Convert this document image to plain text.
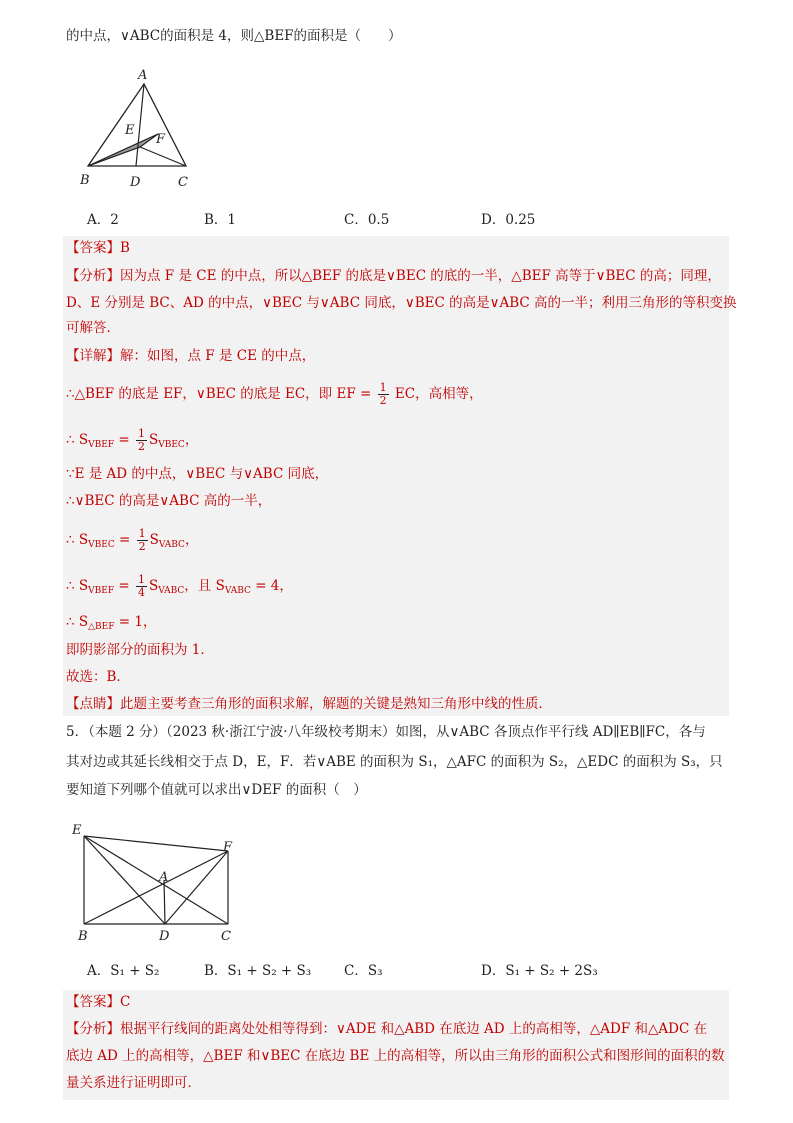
的中点，∨ABC的面积是 4，则△BEF的面积是（　　）
A
E
F
B	D	C
A．2	B．1	C．0.5	D．0.25
【答案】B
【分析】因为点 F 是 CE 的中点，所以△BEF 的底是∨BEC 的底的一半，△BEF 高等于∨BEC 的高；同理，
D、E 分别是 BC、AD 的中点，∨BEC 与∨ABC 同底，∨BEC 的高是∨ABC 高的一半；利用三角形的等积变换
可解答．
【详解】解：如图，点 F 是 CE 的中点，
∴△BEF 的底是 EF，∨BEC 的底是 EC，即 EF = $\frac{1}{2}$ EC，高相等，
∴ $S_{VBEF} = \frac{1}{2} S_{VBEC}$，
∵E 是 AD 的中点，∨BEC 与∨ABC 同底，
∴∨BEC 的高是∨ABC 高的一半，
∴ $S_{VBEC} = \frac{1}{2} S_{VABC}$，
∴ $S_{VBEF} = \frac{1}{4} S_{VABC}$，且 $S_{VABC} = 4$，
∴ $S_{\triangle BEF} = 1$，
即阴影部分的面积为 1．
故选：B．
【点睛】此题主要考查三角形的面积求解，解题的关键是熟知三角形中线的性质．
5．（本题 2 分）（2023 秋·浙江宁波·八年级校考期末）如图，从∨ABC 各顶点作平行线 AD∥EB∥FC，各与
其对边或其延长线相交于点 D，E，F．若∨ABE 的面积为 S₁，△AFC 的面积为 S₂，△EDC 的面积为 S₃，只
要知道下列哪个值就可以求出∨DEF 的面积（　）
E
F
A
B	D	C
A．S₁ + S₂	B．S₁ + S₂ + S₃ C．S₃	D．S₁ + S₂ + 2S₃
【答案】C
【分析】根据平行线间的距离处处相等得到：∨ADE 和△ABD 在底边 AD 上的高相等，△ADF 和△ADC 在
底边 AD 上的高相等，△BEF 和∨BEC 在底边 BE 上的高相等，所以由三角形的面积公式和图形间的面积的数
量关系进行证明即可．
